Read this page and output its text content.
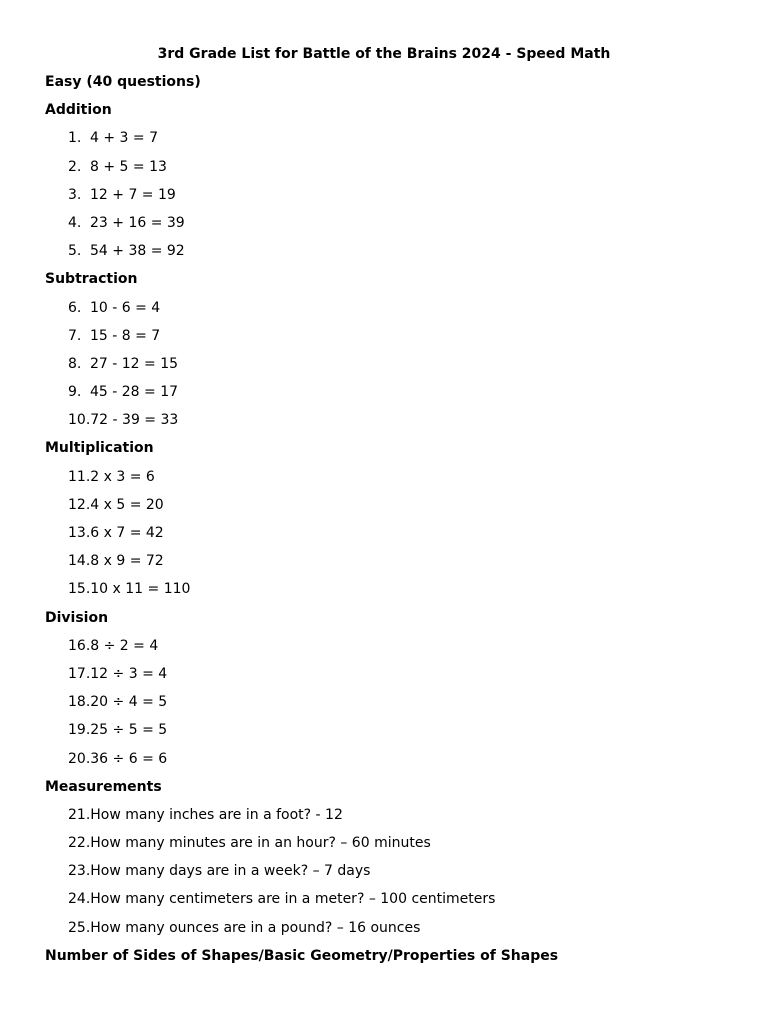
3rd Grade List for Battle of the Brains 2024 - Speed Math
Easy (40 questions)
Addition
1. 4 + 3 = 7
2. 8 + 5 = 13
3. 12 + 7 = 19
4. 23 + 16 = 39
5. 54 + 38 = 92
Subtraction
6. 10 - 6 = 4
7. 15 - 8 = 7
8. 27 - 12 = 15
9. 45 - 28 = 17
10.72 - 39 = 33
Multiplication
11.2 x 3 = 6
12.4 x 5 = 20
13.6 x 7 = 42
14.8 x 9 = 72
15.10 x 11 = 110
Division
16.8 ÷ 2 = 4
17.12 ÷ 3 = 4
18.20 ÷ 4 = 5
19.25 ÷ 5 = 5
20.36 ÷ 6 = 6
Measurements
21.How many inches are in a foot? - 12
22.How many minutes are in an hour? – 60 minutes
23.How many days are in a week? – 7 days
24.How many centimeters are in a meter? – 100 centimeters
25.How many ounces are in a pound? – 16 ounces
Number of Sides of Shapes/Basic Geometry/Properties of Shapes
